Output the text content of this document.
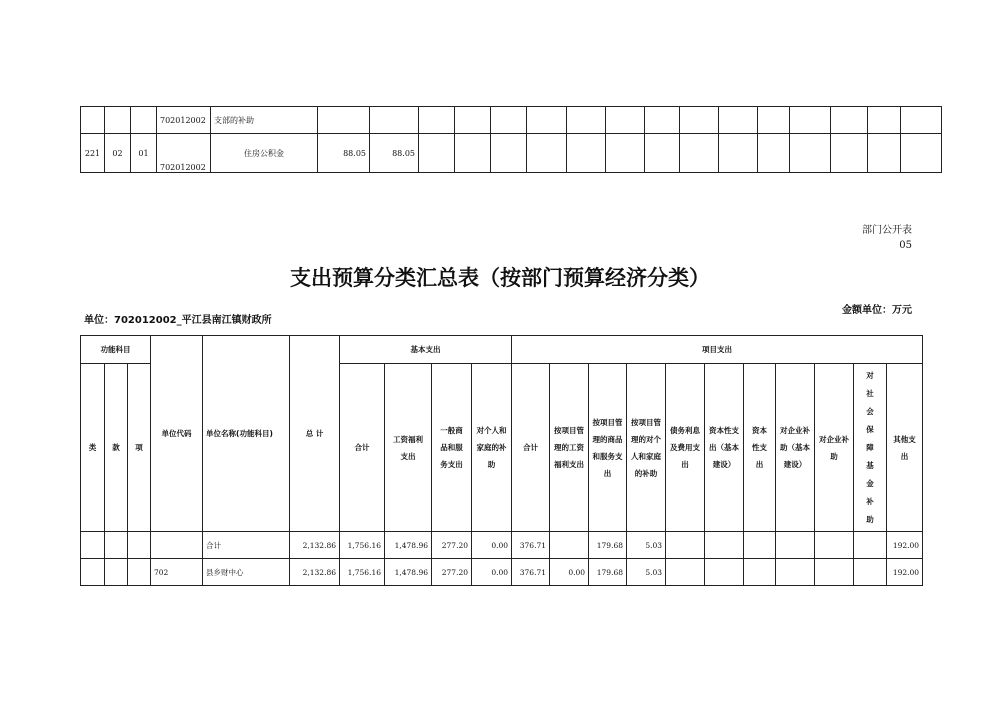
			702012002	支部的补助																
221	02	01	702012002	住房公积金	88.05	88.05														
部门公开表
05
支出预算分类汇总表（按部门预算经济分类）
单位：702012002_平江县南江镇财政所
金额单位：万元
功能科目			单位代码	单位名称(功能科目)	总 计	基本支出				项目支出										
类	款	项				合计	工资福利支出	一般商品和服务支出	对个人和家庭的补助	合计	按项目管理的工资福利支出	按项目管理的商品和服务支出	按项目管理的对个人和家庭的补助	债务利息及费用支出	资本性支出（基本建设）	资本性支出	对企业补助（基本建设）	对企业补助	对社会保障基金补助	其他支出
				合计	2,132.86	1,756.16	1,478.96	277.20	0.00	376.71		179.68	5.03							192.00
			702	县乡财中心	2,132.86	1,756.16	1,478.96	277.20	0.00	376.71	0.00	179.68	5.03							192.00
